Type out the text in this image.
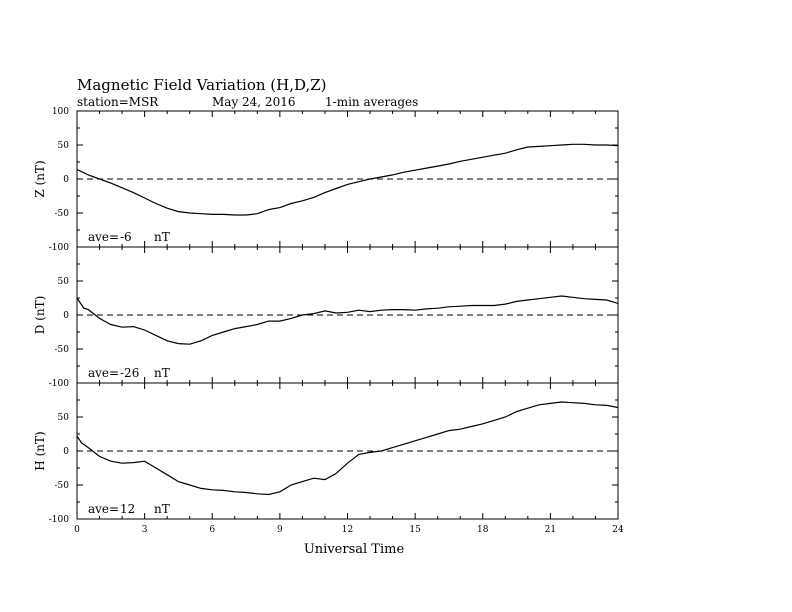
Magnetic Field Variation (H,D,Z)
station=MSR	May 24, 2016 1-min averages
100
50
0
-50
-100
Z (nT)
ave= -6 nT
50
0
-50
-100
D (nT)
ave= -26 nT
50
0
-50
-100
H (nT)
ave= 12 nT
0	3	6	9	12	15	18	21	24
Universal Time
